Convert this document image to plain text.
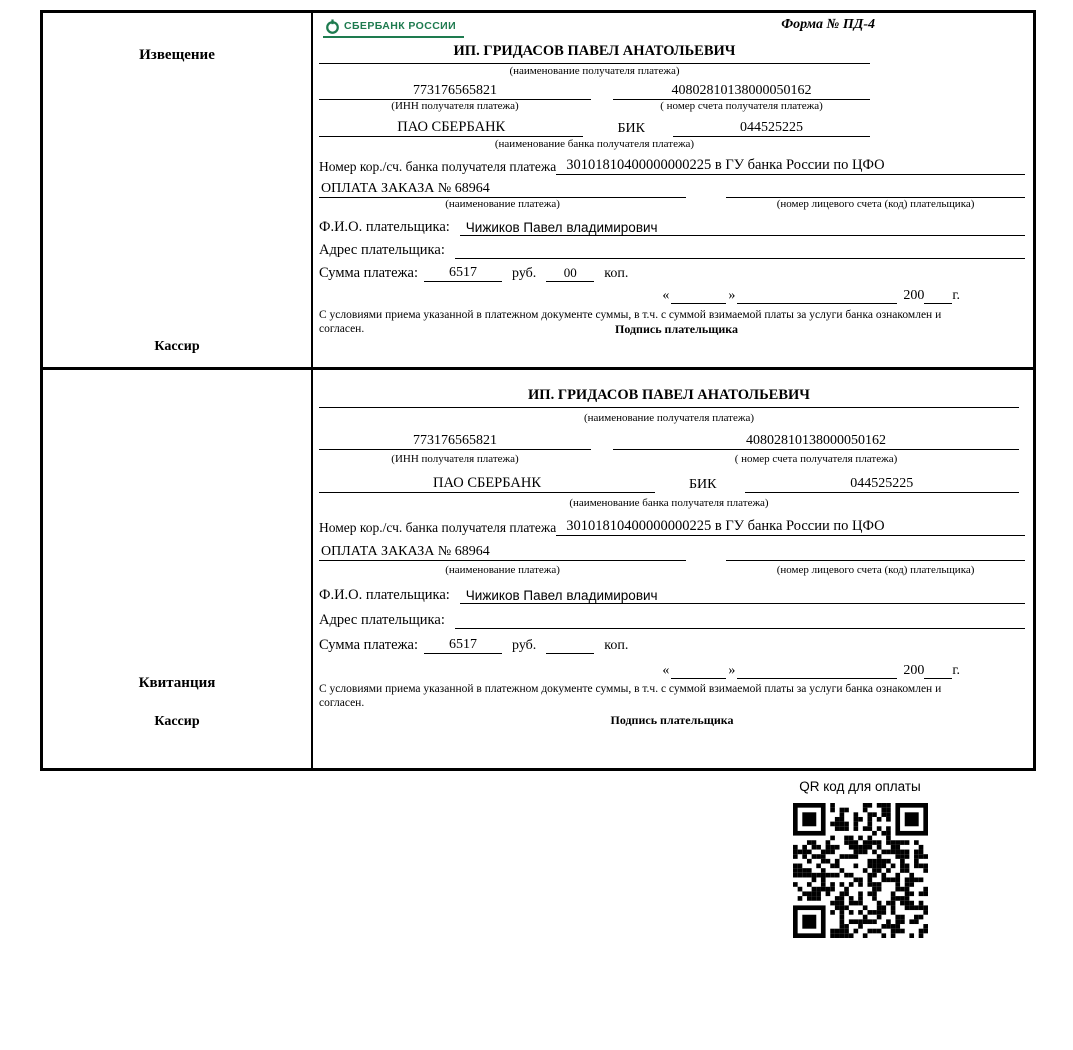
Извещение
Кассир
СБЕРБАНК РОССИИ	Форма № ПД-4
ИП. ГРИДАСОВ ПАВЕЛ АНАТОЛЬЕВИЧ
(наименование получателя платежа)
773176565821	40802810138000050162
(ИНН получателя платежа)	( номер счета получателя платежа)
ПАО СБЕРБАНК	БИК	044525225
(наименование банка получателя платежа)
Номер кор./сч. банка получателя платежа 30101810400000000225 в ГУ банка России по ЦФО
ОПЛАТА ЗАКАЗА № 68964
(наименование платежа)	(номер лицевого счета (код) плательщика)
Ф.И.О. плательщика:	Чижиков Павел владимирович
Адрес плательщика:
Сумма платежа:	6517	руб.	00	коп.
«	»	200 г.
С условиями приема указанной в платежном документе суммы, в т.ч. с суммой взимаемой платы за услуги банка ознакомлен и согласен.	Подпись плательщика
Квитанция
Кассир
ИП. ГРИДАСОВ ПАВЕЛ АНАТОЛЬЕВИЧ
(наименование получателя платежа)
773176565821	40802810138000050162
(ИНН получателя платежа)	( номер счета получателя платежа)
ПАО СБЕРБАНК	БИК	044525225
(наименование банка получателя платежа)
Номер кор./сч. банка получателя платежа 30101810400000000225 в ГУ банка России по ЦФО
ОПЛАТА ЗАКАЗА № 68964
(наименование платежа)	(номер лицевого счета (код) плательщика)
Ф.И.О. плательщика:	Чижиков Павел владимирович
Адрес плательщика:
Сумма платежа:	6517	руб.	коп.
«	»	200 г.
С условиями приема указанной в платежном документе суммы, в т.ч. с суммой взимаемой платы за услуги банка ознакомлен и согласен.
Подпись плательщика
QR код для оплаты
